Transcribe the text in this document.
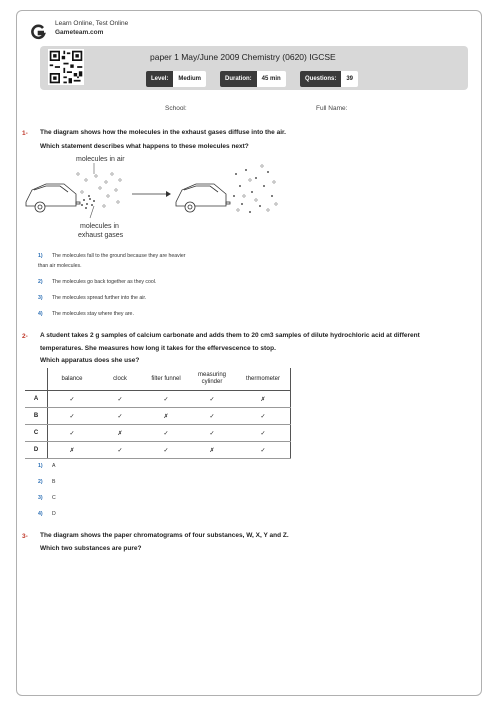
Learn Online, Test Online
Gameteam.com
paper 1 May/June 2009 Chemistry (0620) IGCSE
Level:	Medium	Duration:	45 min	Questions:	39
School:	Full Name:
1- The diagram shows how the molecules in the exhaust gases diffuse into the air.
Which statement describes what happens to these molecules next?
molecules in air
molecules in
exhaust gases
1) The molecules fall to the ground because they are heavier
than air molecules.
2) The molecules go back together as they cool.
3) The molecules spread further into the air.
4) The molecules stay where they are.
2- A student takes 2 g samples of calcium carbonate and adds them to 20 cm3 samples of dilute hydrochloric acid at different
temperatures. She measures how long it takes for the effervescence to stop.
Which apparatus does she use?
	balance	clock	filter funnel	measuring cylinder	thermometer
A	✓	✓	✓	✓	✗
B	✓	✓	✗	✓	✓
C	✓	✗	✓	✓	✓
D	✗	✓	✓	✗	✓
1) A
2) B
3) C
4) D
3- The diagram shows the paper chromatograms of four substances, W, X, Y and Z.
Which two substances are pure?
